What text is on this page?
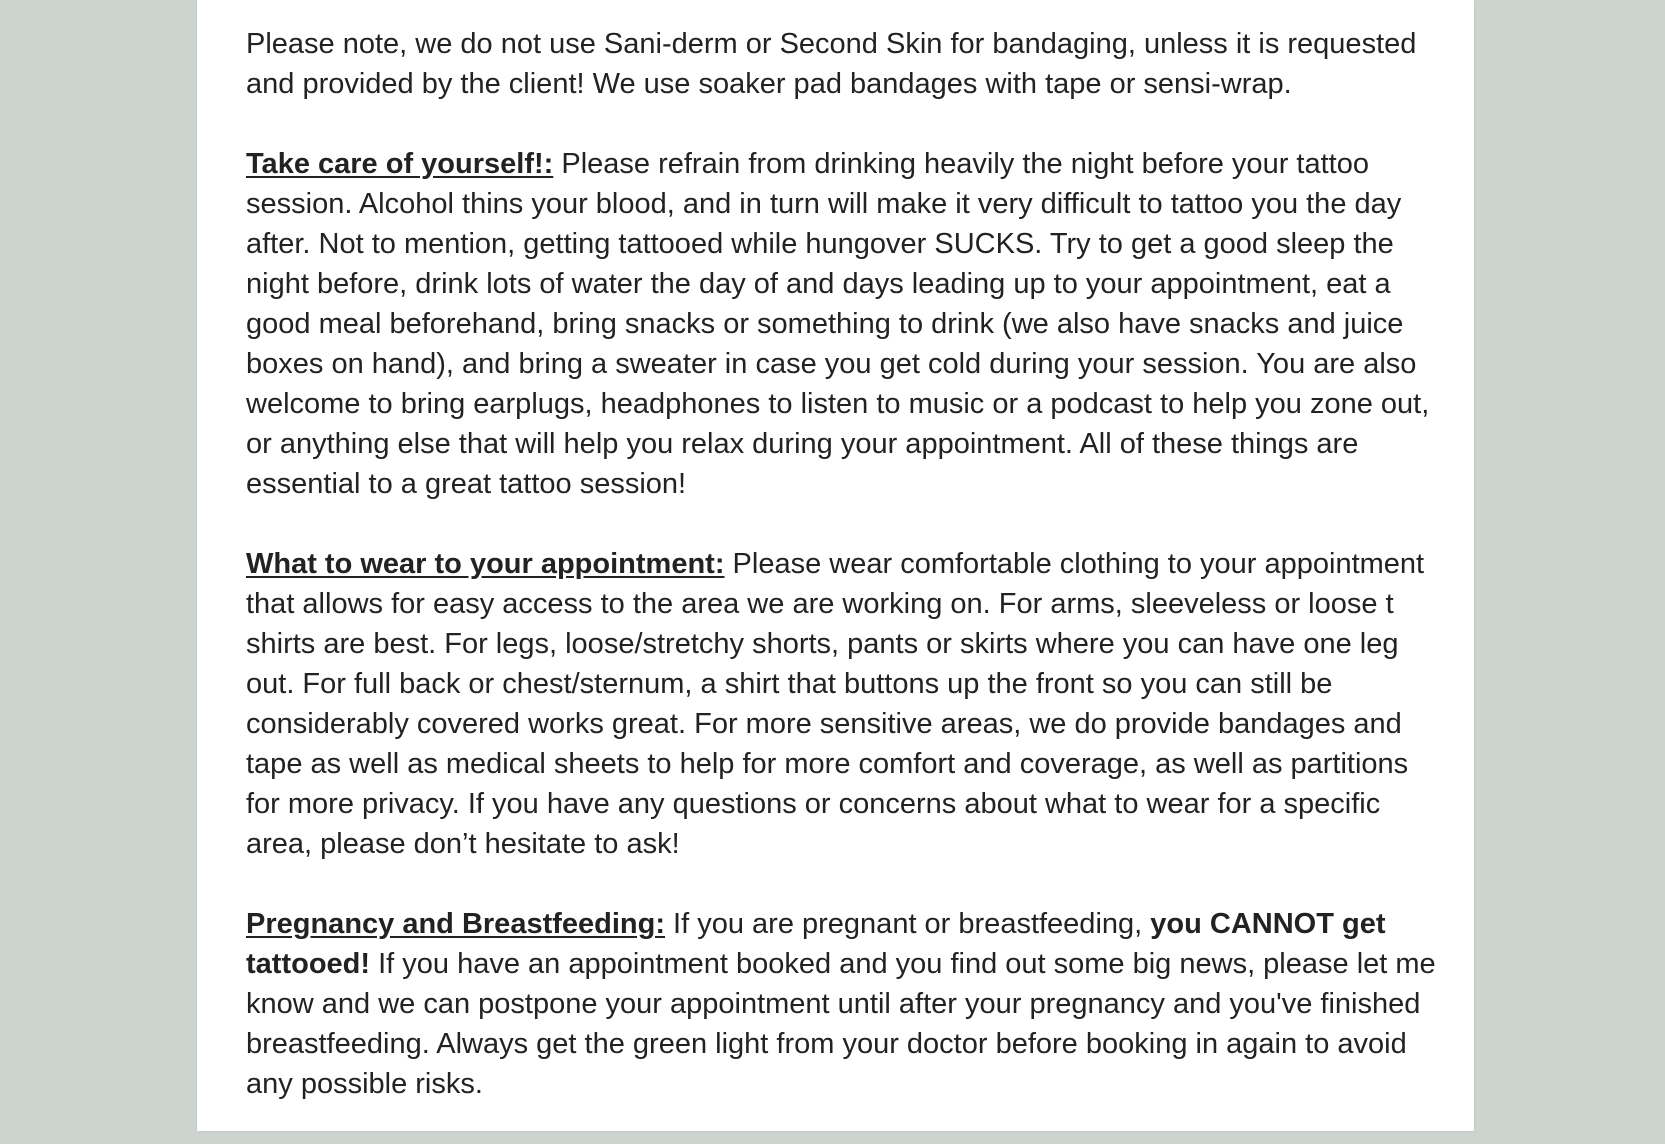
Please note, we do not use Sani-derm or Second Skin for bandaging, unless it is requested and provided by the client! We use soaker pad bandages with tape or sensi-wrap.

Take care of yourself!: Please refrain from drinking heavily the night before your tattoo session. Alcohol thins your blood, and in turn will make it very difficult to tattoo you the day after. Not to mention, getting tattooed while hungover SUCKS. Try to get a good sleep the night before, drink lots of water the day of and days leading up to your appointment, eat a good meal beforehand, bring snacks or something to drink (we also have snacks and juice boxes on hand), and bring a sweater in case you get cold during your session. You are also welcome to bring earplugs, headphones to listen to music or a podcast to help you zone out, or anything else that will help you relax during your appointment. All of these things are essential to a great tattoo session!

What to wear to your appointment: Please wear comfortable clothing to your appointment that allows for easy access to the area we are working on. For arms, sleeveless or loose t shirts are best. For legs, loose/stretchy shorts, pants or skirts where you can have one leg out. For full back or chest/sternum, a shirt that buttons up the front so you can still be considerably covered works great. For more sensitive areas, we do provide bandages and tape as well as medical sheets to help for more comfort and coverage, as well as partitions for more privacy. If you have any questions or concerns about what to wear for a specific area, please don’t hesitate to ask!

Pregnancy and Breastfeeding: If you are pregnant or breastfeeding, you CANNOT get tattooed! If you have an appointment booked and you find out some big news, please let me know and we can postpone your appointment until after your pregnancy and you've finished breastfeeding. Always get the green light from your doctor before booking in again to avoid any possible risks.
